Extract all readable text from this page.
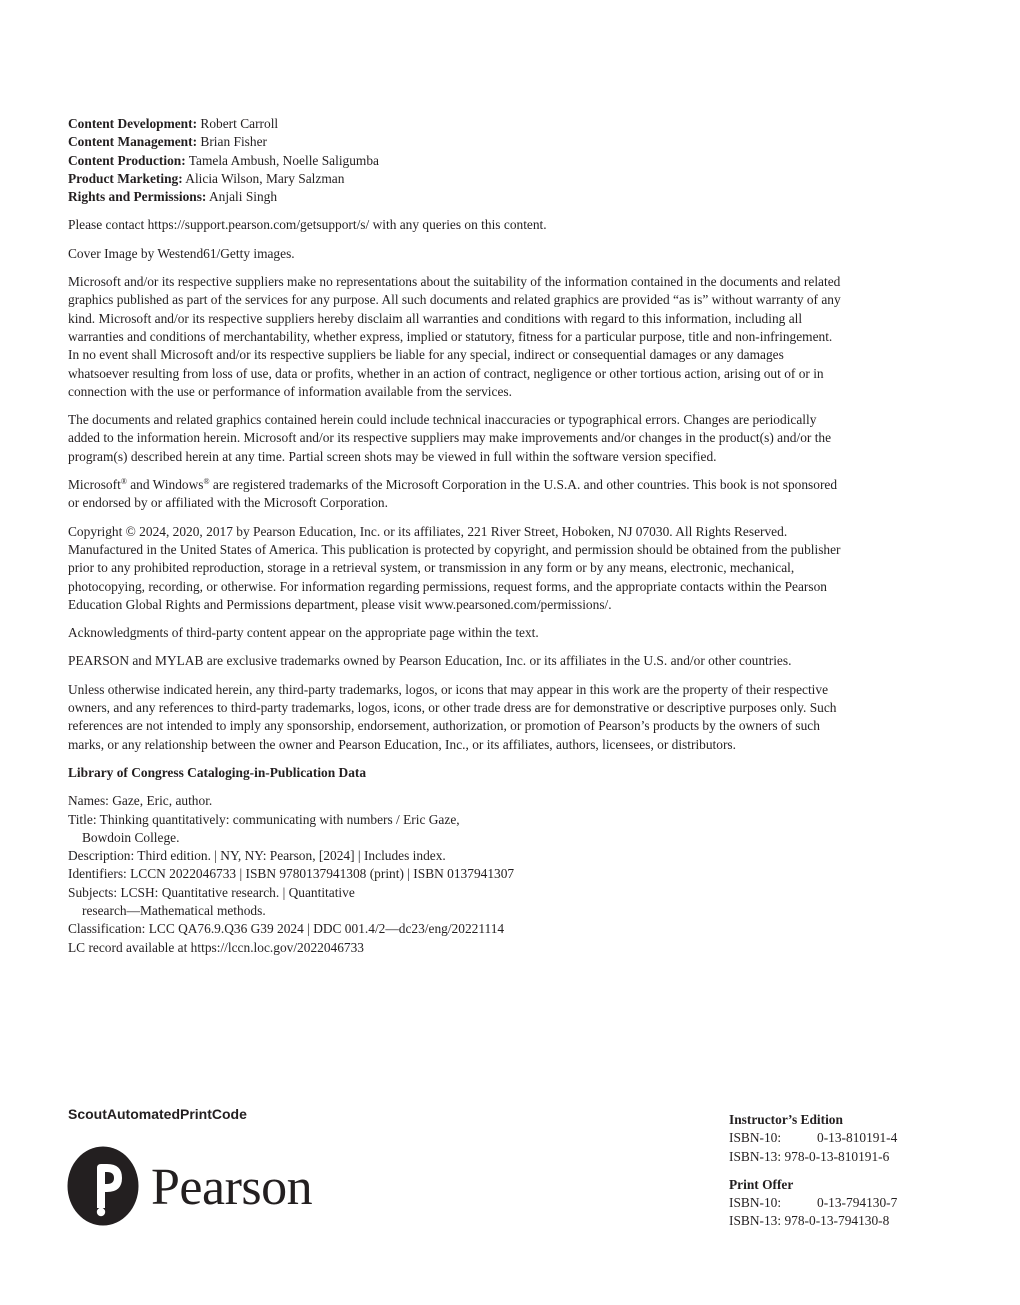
Content Development: Robert Carroll

Content Management: Brian Fisher

Content Production: Tamela Ambush, Noelle Saligumba

Product Marketing: Alicia Wilson, Mary Salzman

Rights and Permissions: Anjali Singh

Please contact https://support.pearson.com/getsupport/s/ with any queries on this content.

Cover Image by Westend61/Getty images.

Microsoft and/or its respective suppliers make no representations about the suitability of the information contained in the documents and related graphics published as part of the services for any purpose. All such documents and related graphics are provided “as is” without warranty of any kind. Microsoft and/or its respective suppliers hereby disclaim all warranties and conditions with regard to this information, including all warranties and conditions of merchantability, whether express, implied or statutory, fitness for a particular purpose, title and non-infringement. In no event shall Microsoft and/or its respective suppliers be liable for any special, indirect or consequential damages or any damages whatsoever resulting from loss of use, data or profits, whether in an action of contract, negligence or other tortious action, arising out of or in connection with the use or performance of information available from the services.

The documents and related graphics contained herein could include technical inaccuracies or typographical errors. Changes are periodically added to the information herein. Microsoft and/or its respective suppliers may make improvements and/or changes in the product(s) and/or the program(s) described herein at any time. Partial screen shots may be viewed in full within the software version specified.

Microsoft® and Windows® are registered trademarks of the Microsoft Corporation in the U.S.A. and other countries. This book is not sponsored or endorsed by or affiliated with the Microsoft Corporation.

Copyright © 2024, 2020, 2017 by Pearson Education, Inc. or its affiliates, 221 River Street, Hoboken, NJ 07030. All Rights Reserved. Manufactured in the United States of America. This publication is protected by copyright, and permission should be obtained from the publisher prior to any prohibited reproduction, storage in a retrieval system, or transmission in any form or by any means, electronic, mechanical, photocopying, recording, or otherwise. For information regarding permissions, request forms, and the appropriate contacts within the Pearson Education Global Rights and Permissions department, please visit www.pearsoned.com/permissions/.

Acknowledgments of third-party content appear on the appropriate page within the text.

PEARSON and MYLAB are exclusive trademarks owned by Pearson Education, Inc. or its affiliates in the U.S. and/or other countries.

Unless otherwise indicated herein, any third-party trademarks, logos, or icons that may appear in this work are the property of their respective owners, and any references to third-party trademarks, logos, icons, or other trade dress are for demonstrative or descriptive purposes only. Such references are not intended to imply any sponsorship, endorsement, authorization, or promotion of Pearson’s products by the owners of such marks, or any relationship between the owner and Pearson Education, Inc., or its affiliates, authors, licensees, or distributors.

Library of Congress Cataloging-in-Publication Data

Names: Gaze, Eric, author.
Title: Thinking quantitatively: communicating with numbers / Eric Gaze,
Bowdoin College.
Description: Third edition. | NY, NY: Pearson, [2024] | Includes index.
Identifiers: LCCN 2022046733 | ISBN 9780137941308 (print) | ISBN 0137941307
Subjects: LCSH: Quantitative research. | Quantitative
research—Mathematical methods.
Classification: LCC QA76.9.Q36 G39 2024 | DDC 001.4/2—dc23/eng/20221114
LC record available at https://lccn.loc.gov/2022046733
ScoutAutomatedPrintCode
Pearson
Instructor’s Edition
ISBN-10:	0-13-810191-4
ISBN-13: 978-0-13-810191-6
Print Offer
ISBN-10:	0-13-794130-7
ISBN-13: 978-0-13-794130-8
